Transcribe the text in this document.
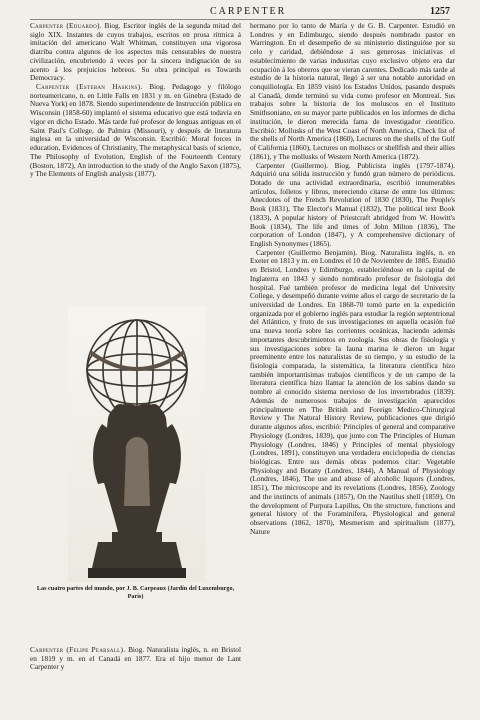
CARPENTER	1257

Carpenter (Eduardo). Biog. Escritor inglés de la segunda mitad del siglo XIX. Instantes de cuyos trabajos, escritos en prosa rítmica á imitación del americano Walt Whitman, constituyen una vigorosa diatriba contra algunos de los aspectos más censurables de nuestra civilización, encubriendo á veces por la sincera indignación de su acento á los prejuicios hebreos. Su obra principal es Towards Democracy.

Carpenter (Esteban Haskins). Biog. Pedagogo y filólogo norteamericano, n. en Little Falls en 1831 y m. en Ginebra (Estado de Nueva York) en 1878. Siendo superintendente de Instrucción pública en Wisconsin (1858-60) implantó el sistema educativo que está todavía en vigor en dicho Estado. Más tarde fué profesor de lenguas antiguas en el Saint Paul's College, de Palmira (Missouri), y después de literatura inglesa en la universidad de Wisconsin. Escribió: Moral forces in education, Evidences of Christianity, The metaphysical basis of science, The Philosophy of Evolution, English of the Fourteenth Century (Boston, 1872), An introduction to the study of the Anglo Saxon (1875), y The Elements of English analysis (1877).

Las cuatro partes del mundo, por J. B. Carpeaux (Jardín del Luxemburgo, París)

Carpenter (Felipe Pearsall). Biog. Naturalista inglés, n. en Bristol en 1819 y m. en el Canadá en 1877. Era el hijo menor de Lant Carpenter y

hermano por lo tanto de María y de G. B. Carpenter. Estudió en Londres y en Edimburgo, siendo después nombrado pastor en Warrington. En el desempeño de su ministerio distinguióse por su celo y caridad, debiéndose á sus generosas iniciativas el establecimiento de varias industrias cuyo exclusivo objeto era dar ocupación á los obreros que se vieran carentes. Dedicado más tarde al estudio de la historia natural, llegó á ser una notable autoridad en conquiliología. En 1859 visitó los Estados Unidos, pasando después al Canadá, donde terminó su vida como profesor en Montreal. Sus trabajos sobre la historia de los moluscos en el Instituto Smithsoniano, en su mayor parte publicados en los informes de dicha institución, le dieron merecida fama de investigador científico. Escribió: Mollusks of the West Coast of North America, Check list of the shells of North America (1860), Lectures on the shells of the Gulf of California (1860), Lectures on molluscs or shellfish and their allies (1861), y The mollusks of Western North America (1872).

Carpenter (Guillermo). Biog. Publicista inglés (1797-1874). Adquirió una sólida instrucción y fundó gran número de periódicos. Dotado de una actividad extraordinaria, escribió innumerables artículos, folletos y libros, mereciendo citarse de entre los últimos: Anecdotes of the French Revolution of 1830 (1830), The People's Book (1831), The Elector's Manual (1832), The political text Book (1833), A popular history of Priestcraft abridged from W. Howitt's Book (1834), The life and times of John Milton (1836), The corporation of London (1847), y A comprehensive dictionary of English Synonymes (1865).

Carpenter (Guillermo Benjamín). Biog. Naturalista inglés, n. en Exeter en 1813 y m. en Londres el 10 de Noviembre de 1885. Estudió en Bristol, Londres y Edimburgo, estableciéndose en la capital de Inglaterra en 1843 y siendo nombrado profesor de fisiología del hospital. Fué también profesor de medicina legal del University College, y desempeñó durante veinte años el cargo de secretario de la universidad de Londres. En 1868-70 tomó parte en la expedición organizada por el gobierno inglés para estudiar la región septentrional del Atlántico, y fruto de sus investigaciones en aquella ocasión fué una nueva teoría sobre las corrientes oceánicas, haciendo además importantes descubrimientos en zoología. Sus obras de fisiología y sus investigaciones sobre la fauna marina le dieron un lugar preeminente entre los naturalistas de su tiempo, y su estudio de la fisiología comparada, la sistemática, la literatura científica hizo también importantísimas trabajos científicos y de un campo de la literatura científica hizo llamar la atención de los sabios dando su nombre al conocido sistema nervioso de los invertebrados (1839). Además de numerosos trabajos de investigación aparecidos principalmente en The British and Foreign Medico-Chirurgical Review y The Natural History Review, publicaciones que dirigió durante algunos años, escribió: Principles of general and comparative Physiology (Londres, 1839), que junto con The Principles of Human Physiology (Londres, 1846) y Principles of mental physiology (Londres, 1891), constituyen una verdadera enciclopedia de ciencias biológicas. Entre sus demás obras podemos citar: Vegetable Physiology and Botany (Londres, 1844), A Manual of Physiology (Londres, 1846), The use and abuse of alcoholic liquors (Londres, 1851), The microscope and its revelations (Londres, 1856), Zoology and the instincts of animals (1857), On the Nautilus shell (1859), On the development of Purpura Lapillus, On the structure, functions and general history of the Foraminifera, Physiological and general observations (1862, 1870), Mesmerism and spiritualism (1877), Nature
